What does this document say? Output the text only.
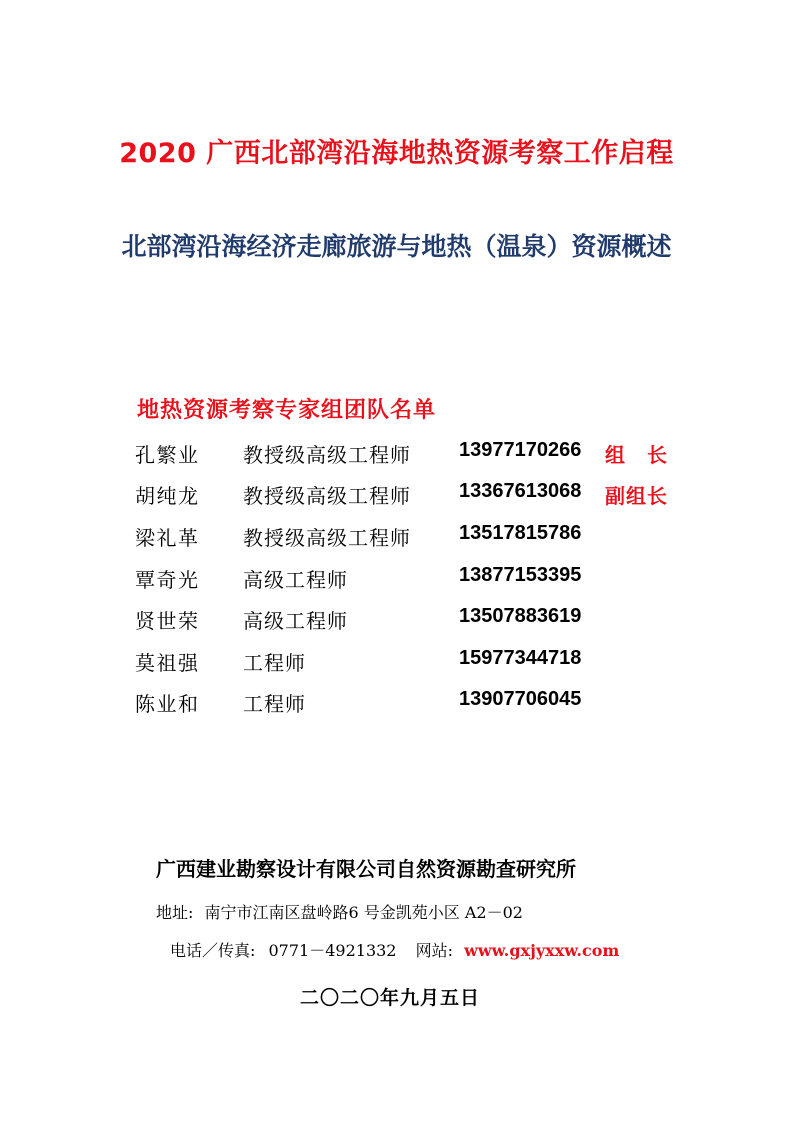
2020 广西北部湾沿海地热资源考察工作启程
北部湾沿海经济走廊旅游与地热（温泉）资源概述
地热资源考察专家组团队名单
孔繁业 教授级高级工程师 13977170266 组　长
胡纯龙 教授级高级工程师 13367613068 副组长
梁礼革 教授级高级工程师 13517815786
覃奇光 高级工程师	13877153395
贤世荣 高级工程师	13507883619
莫祖强 工程师	15977344718
陈业和 工程师	13907706045
广西建业勘察设计有限公司自然资源勘查研究所
地址: 南宁市江南区盘岭路6 号金凯苑小区 A2－02
电话／传真: 0771－4921332 网站: www.gxjyxxw.com
二〇二〇年九月五日
